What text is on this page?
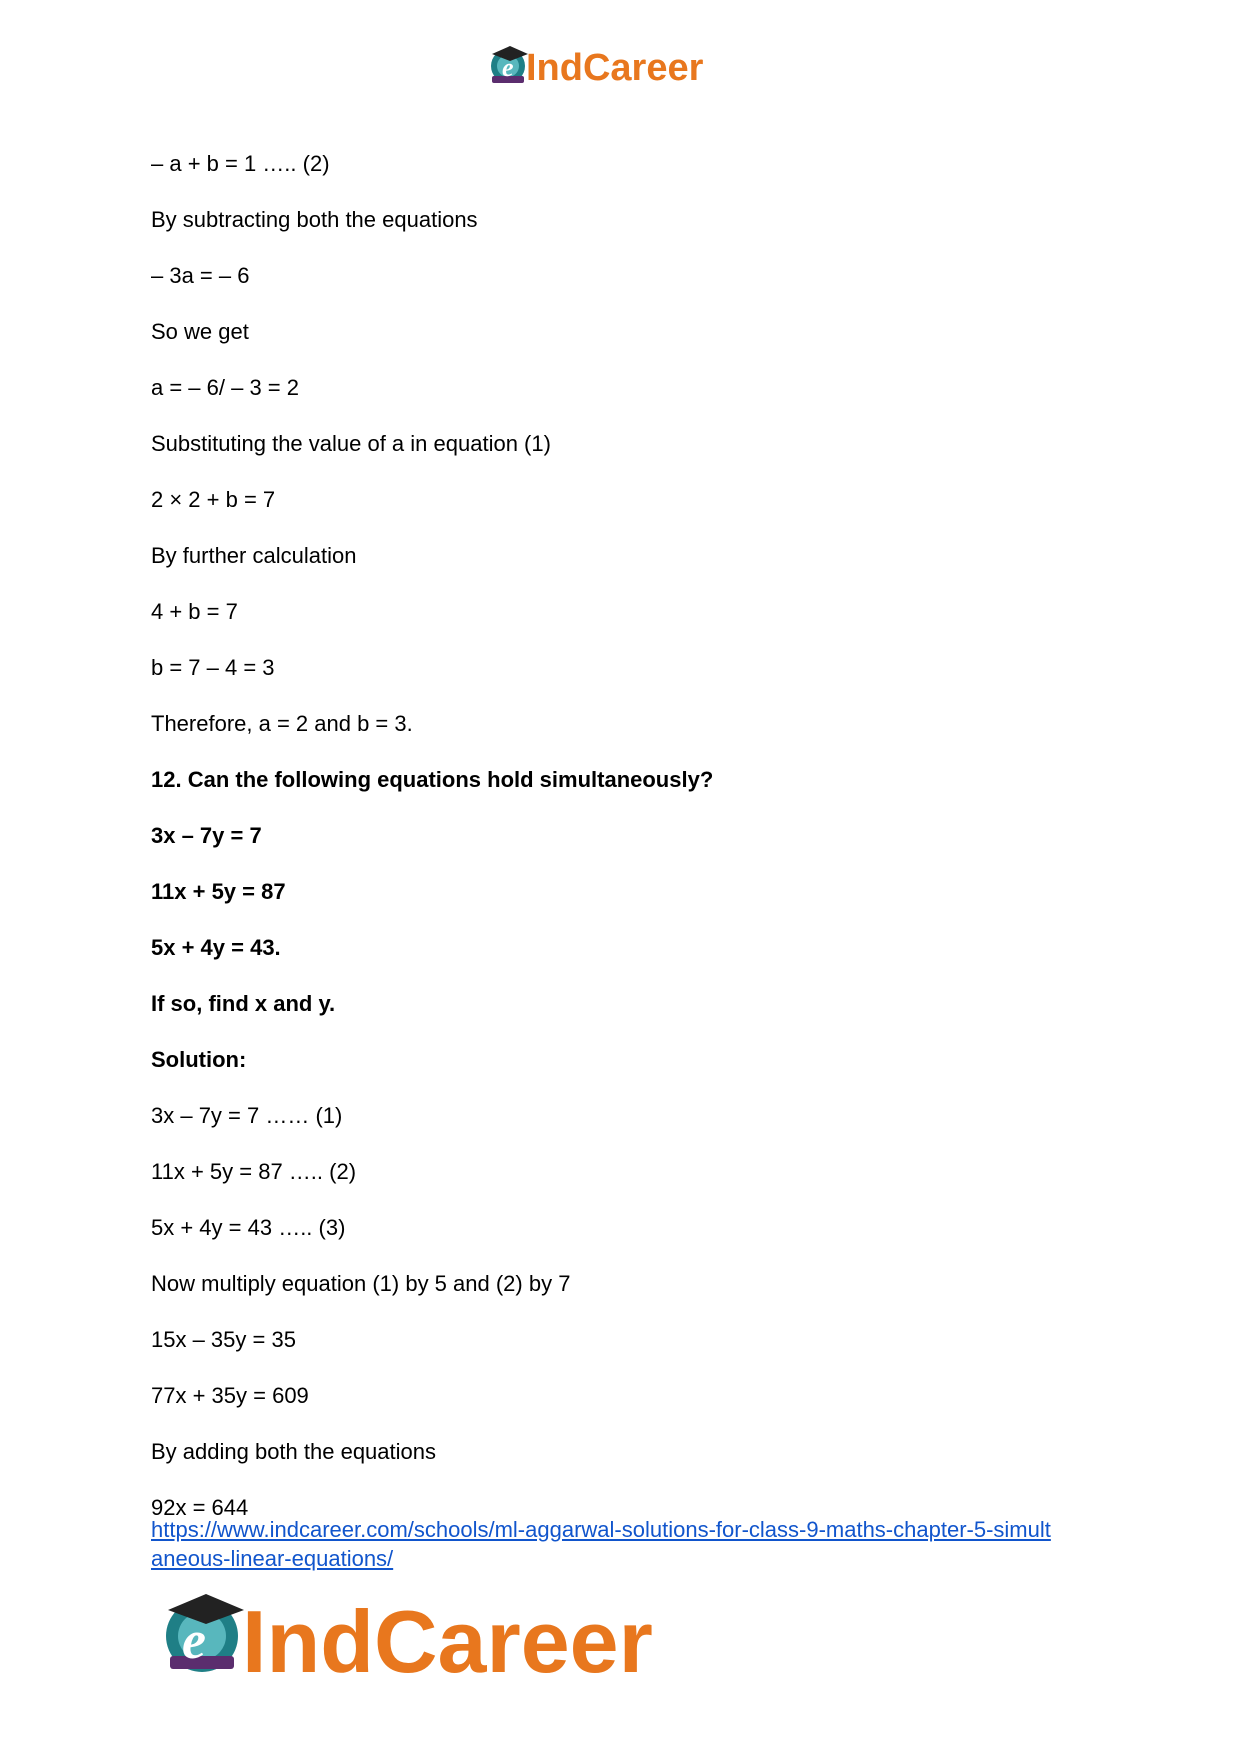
e IndCareer
– a + b = 1 ….. (2)
By subtracting both the equations
– 3a = – 6
So we get
a = – 6/ – 3 = 2
Substituting the value of a in equation (1)
2 × 2 + b = 7
By further calculation
4 + b = 7
b = 7 – 4 = 3
Therefore, a = 2 and b = 3.
12. Can the following equations hold simultaneously?
3x – 7y = 7
11x + 5y = 87
5x + 4y = 43.
If so, find x and y.
Solution:
3x – 7y = 7 …… (1)
11x + 5y = 87 ….. (2)
5x + 4y = 43 ….. (3)
Now multiply equation (1) by 5 and (2) by 7
15x – 35y = 35
77x + 35y = 609
By adding both the equations
92x = 644
https://www.indcareer.com/schools/ml-aggarwal-solutions-for-class-9-maths-chapter-5-simult
aneous-linear-equations/
e IndCareer
